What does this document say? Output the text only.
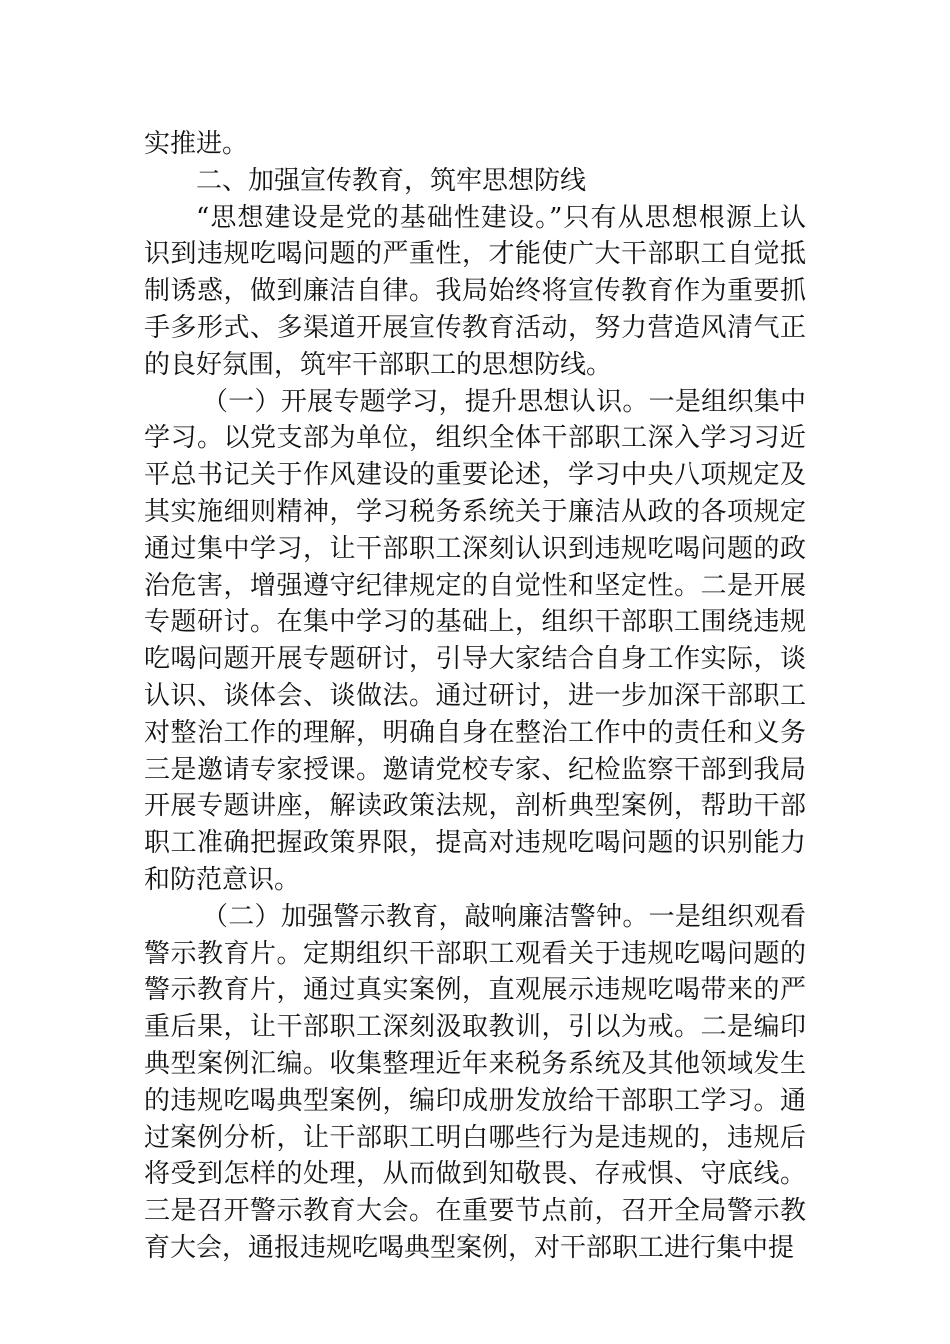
实推进。

二、加强宣传教育，筑牢思想防线

“思想建设是党的基础性建设。”只有从思想根源上认识到违规吃喝问题的严重性，才能使广大干部职工自觉抵制诱惑，做到廉洁自律。我局始终将宣传教育作为重要抓手多形式、多渠道开展宣传教育活动，努力营造风清气正的良好氛围，筑牢干部职工的思想防线。

（一）开展专题学习，提升思想认识。一是组织集中学习。以党支部为单位，组织全体干部职工深入学习习近平总书记关于作风建设的重要论述，学习中央八项规定及其实施细则精神，学习税务系统关于廉洁从政的各项规定通过集中学习，让干部职工深刻认识到违规吃喝问题的政治危害，增强遵守纪律规定的自觉性和坚定性。二是开展专题研讨。在集中学习的基础上，组织干部职工围绕违规吃喝问题开展专题研讨，引导大家结合自身工作实际，谈认识、谈体会、谈做法。通过研讨，进一步加深干部职工对整治工作的理解，明确自身在整治工作中的责任和义务三是邀请专家授课。邀请党校专家、纪检监察干部到我局开展专题讲座，解读政策法规，剖析典型案例，帮助干部职工准确把握政策界限，提高对违规吃喝问题的识别能力和防范意识。

（二）加强警示教育，敲响廉洁警钟。一是组织观看警示教育片。定期组织干部职工观看关于违规吃喝问题的警示教育片，通过真实案例，直观展示违规吃喝带来的严重后果，让干部职工深刻汲取教训，引以为戒。二是编印典型案例汇编。收集整理近年来税务系统及其他领域发生的违规吃喝典型案例，编印成册发放给干部职工学习。通过案例分析，让干部职工明白哪些行为是违规的，违规后将受到怎样的处理，从而做到知敬畏、存戒惧、守底线。三是召开警示教育大会。在重要节点前，召开全局警示教育大会，通报违规吃喝典型案例，对干部职工进行集中提
